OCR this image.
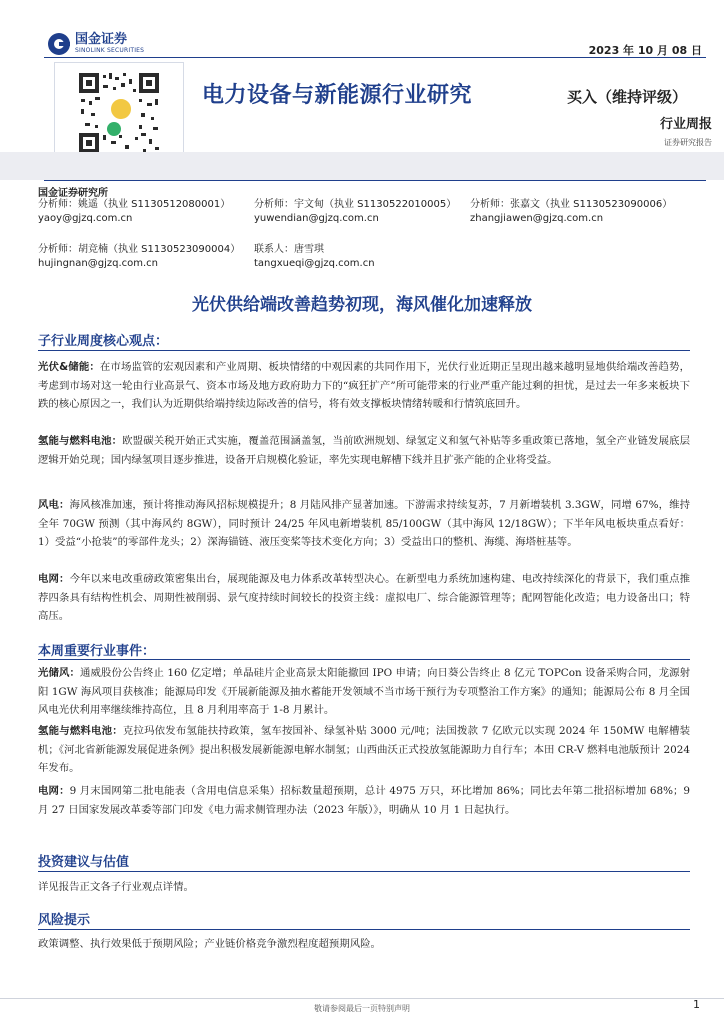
国金证券
SINOLINK SECURITIES	2023 年 10 月 08 日
电力设备与新能源行业研究	买入（维持评级）
行业周报
证券研究报告
国金证券研究所
分析师：姚遥（执业 S1130512080001）
yaoy@gjzq.com.cn
分析师：宇文甸（执业 S1130522010005）
yuwendian@gjzq.com.cn
分析师：张嘉文（执业 S1130523090006）
zhangjiawen@gjzq.com.cn
分析师：胡竞楠（执业 S1130523090004）
hujingnan@gjzq.com.cn
联系人：唐雪琪
tangxueqi@gjzq.com.cn
光伏供给端改善趋势初现，海风催化加速释放
子行业周度核心观点：
光伏&储能：在市场监管的宏观因素和产业周期、板块情绪的中观因素的共同作用下，光伏行业近期正呈现出越来越明显地供给端改善趋势，考虑到市场对这一轮由行业高景气、资本市场及地方政府助力下的“疯狂扩产”所可能带来的行业严重产能过剩的担忧，是过去一年多来板块下跌的核心原因之一，我们认为近期供给端持续边际改善的信号，将有效支撑板块情绪转暖和行情筑底回升。
氢能与燃料电池：欧盟碳关税开始正式实施，覆盖范围涵盖氢，当前欧洲规划、绿氢定义和氢气补贴等多重政策已落地，氢全产业链发展底层逻辑开始兑现；国内绿氢项目逐步推进，设备开启规模化验证，率先实现电解槽下线并且扩张产能的企业将受益。
风电：海风核准加速，预计将推动海风招标规模提升；8 月陆风排产显著加速。下游需求持续复苏，7 月新增装机 3.3GW，同增 67%，维持全年 70GW 预测（其中海风约 8GW），同时预计 24/25 年风电新增装机 85/100GW（其中海风 12/18GW）；下半年风电板块重点看好：1）受益“小抢装”的零部件龙头；2）深海锚链、液压变桨等技术变化方向；3）受益出口的整机、海缆、海塔桩基等。
电网：今年以来电改重磅政策密集出台，展现能源及电力体系改革转型决心。在新型电力系统加速构建、电改持续深化的背景下，我们重点推荐四条具有结构性机会、周期性被削弱、景气度持续时间较长的投资主线：虚拟电厂、综合能源管理等；配网智能化改造；电力设备出口；特高压。
本周重要行业事件：
光储风：通威股份公告终止 160 亿定增；单晶硅片企业高景太阳能撤回 IPO 申请；向日葵公告终止 8 亿元 TOPCon 设备采购合同，龙源射阳 1GW 海风项目获核准；能源局印发《开展新能源及抽水蓄能开发领域不当市场干预行为专项整治工作方案》的通知；能源局公布 8 月全国风电光伏利用率继续维持高位，且 8 月利用率高于 1-8 月累计。
氢能与燃料电池：克拉玛依发布氢能扶持政策，氢车按国补、绿氢补贴 3000 元/吨；法国拨款 7 亿欧元以实现 2024 年 150MW 电解槽装机；《河北省新能源发展促进条例》提出积极发展新能源电解水制氢；山西曲沃正式投放氢能源助力自行车；本田 CR-V 燃料电池版预计 2024 年发布。
电网：9 月末国网第二批电能表（含用电信息采集）招标数量超预期，总计 4975 万只，环比增加 86%；同比去年第二批招标增加 68%；9 月 27 日国家发展改革委等部门印发《电力需求侧管理办法（2023 年版）》，明确从 10 月 1 日起执行。
投资建议与估值
详见报告正文各子行业观点详情。
风险提示
政策调整、执行效果低于预期风险；产业链价格竞争激烈程度超预期风险。
敬请参阅最后一页特别声明	1
